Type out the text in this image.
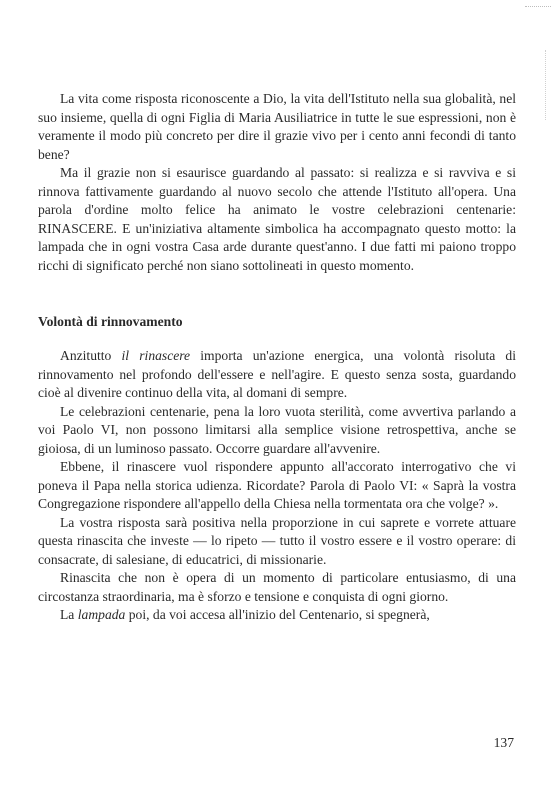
La vita come risposta riconoscente a Dio, la vita dell'Istituto nella sua globalità, nel suo insieme, quella di ogni Figlia di Maria Ausiliatrice in tutte le sue espressioni, non è veramente il modo più concreto per dire il grazie vivo per i cento anni fecondi di tanto bene?

Ma il grazie non si esaurisce guardando al passato: si realizza e si ravviva e si rinnova fattivamente guardando al nuovo secolo che attende l'Istituto all'opera. Una parola d'ordine molto felice ha animato le vostre celebrazioni centenarie: RINASCERE. E un'iniziativa altamente simbolica ha accompagnato questo motto: la lampada che in ogni vostra Casa arde durante quest'anno. I due fatti mi paiono troppo ricchi di significato perché non siano sottolineati in questo momento.

Volontà di rinnovamento

Anzitutto il rinascere importa un'azione energica, una volontà risoluta di rinnovamento nel profondo dell'essere e nell'agire. E questo senza sosta, guardando cioè al divenire continuo della vita, al domani di sempre.

Le celebrazioni centenarie, pena la loro vuota sterilità, come avvertiva parlando a voi Paolo VI, non possono limitarsi alla semplice visione retrospettiva, anche se gioiosa, di un luminoso passato. Occorre guardare all'avvenire.

Ebbene, il rinascere vuol rispondere appunto all'accorato interrogativo che vi poneva il Papa nella storica udienza. Ricordate? Parola di Paolo VI: « Saprà la vostra Congregazione rispondere all'appello della Chiesa nella tormentata ora che volge? ».

La vostra risposta sarà positiva nella proporzione in cui saprete e vorrete attuare questa rinascita che investe — lo ripeto — tutto il vostro essere e il vostro operare: di consacrate, di salesiane, di educatrici, di missionarie.

Rinascita che non è opera di un momento di particolare entusiasmo, di una circostanza straordinaria, ma è sforzo e tensione e conquista di ogni giorno.

La lampada poi, da voi accesa all'inizio del Centenario, si spegnerà,

137
